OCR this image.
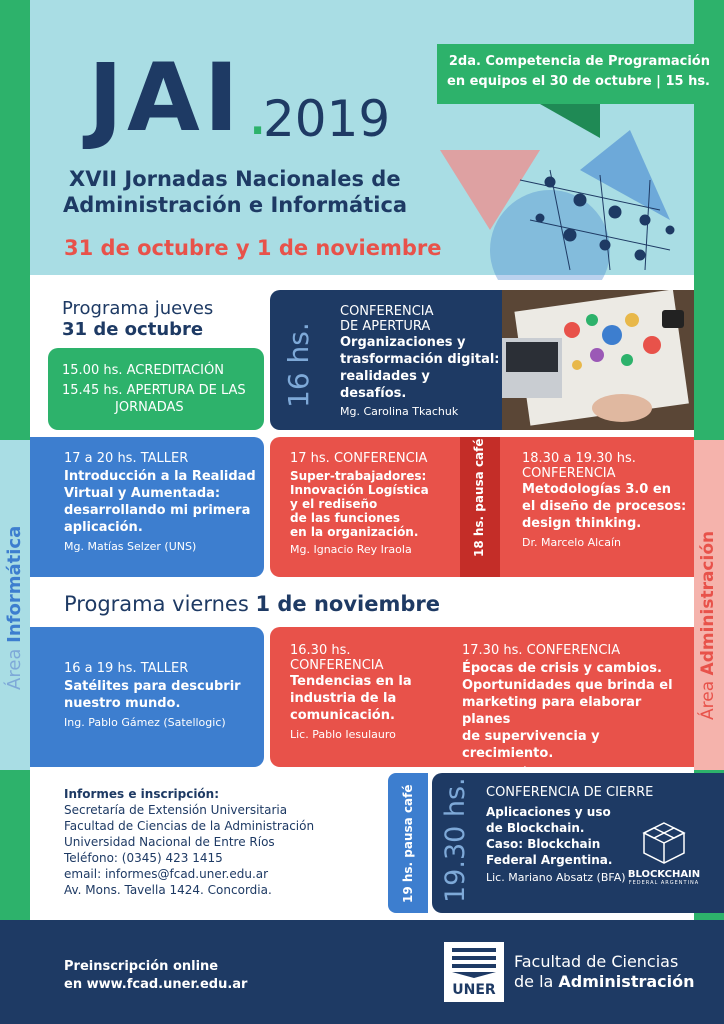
JAI .
2019
XVII Jornadas Nacionales de
Administración e Informática
31 de octubre y 1 de noviembre
2da. Competencia de Programación
en equipos el 30 de octubre | 15 hs.
Programa jueves
31 de octubre
15.00 hs. ACREDITACIÓN
15.45 hs. APERTURA DE LAS
JORNADAS	16 hs.
CONFERENCIA
DE APERTURA
Organizaciones y
trasformación digital:
realidades y desafíos.
Mg. Carolina Tkachuk
17 a 20 hs. TALLER
Introducción a la Realidad
Virtual y Aumentada:
desarrollando mi primera
aplicación.
Mg. Matías Selzer (UNS)
17 hs. CONFERENCIA
Super-trabajadores:
Innovación Logística
y el rediseño
de las funciones
en la organización.
Mg. Ignacio Rey Iraola	18 hs. pausa café	18.30 a 19.30 hs.
CONFERENCIA
Metodologías 3.0 en
el diseño de procesos:
design thinking.
Dr. Marcelo Alcaín
Área Informática
Área Administración
Programa viernes 1 de noviembre
16 a 19 hs. TALLER
Satélites para descubrir
nuestro mundo.
Ing. Pablo Gámez (Satellogic)
16.30 hs.
CONFERENCIA
Tendencias en la
industria de la
comunicación.
Lic. Pablo Iesulauro
17.30 hs. CONFERENCIA
Épocas de crisis y cambios.
Oportunidades que brinda el
marketing para elaborar planes
de supervivencia y crecimiento.
Informes e inscripción:
Secretaría de Extensión Universitaria
Facultad de Ciencias de la Administración
Universidad Nacional de Entre Ríos
Teléfono: (0345) 423 1415
email: informes@fcad.uner.edu.ar
Av. Mons. Tavella 1424. Concordia.	19 hs. pausa café 19.30 hs. CONFERENCIA DE CIERRE
Aplicaciones y uso
de Blockchain.
Caso: Blockchain
Federal Argentina.
Lic. Mariano Absatz (BFA) BLOCKCHAIN
FEDERAL ARGENTINA
Preinscripción online
en www.fcad.uner.edu.ar	UNER
Facultad de Ciencias
de la Administración
